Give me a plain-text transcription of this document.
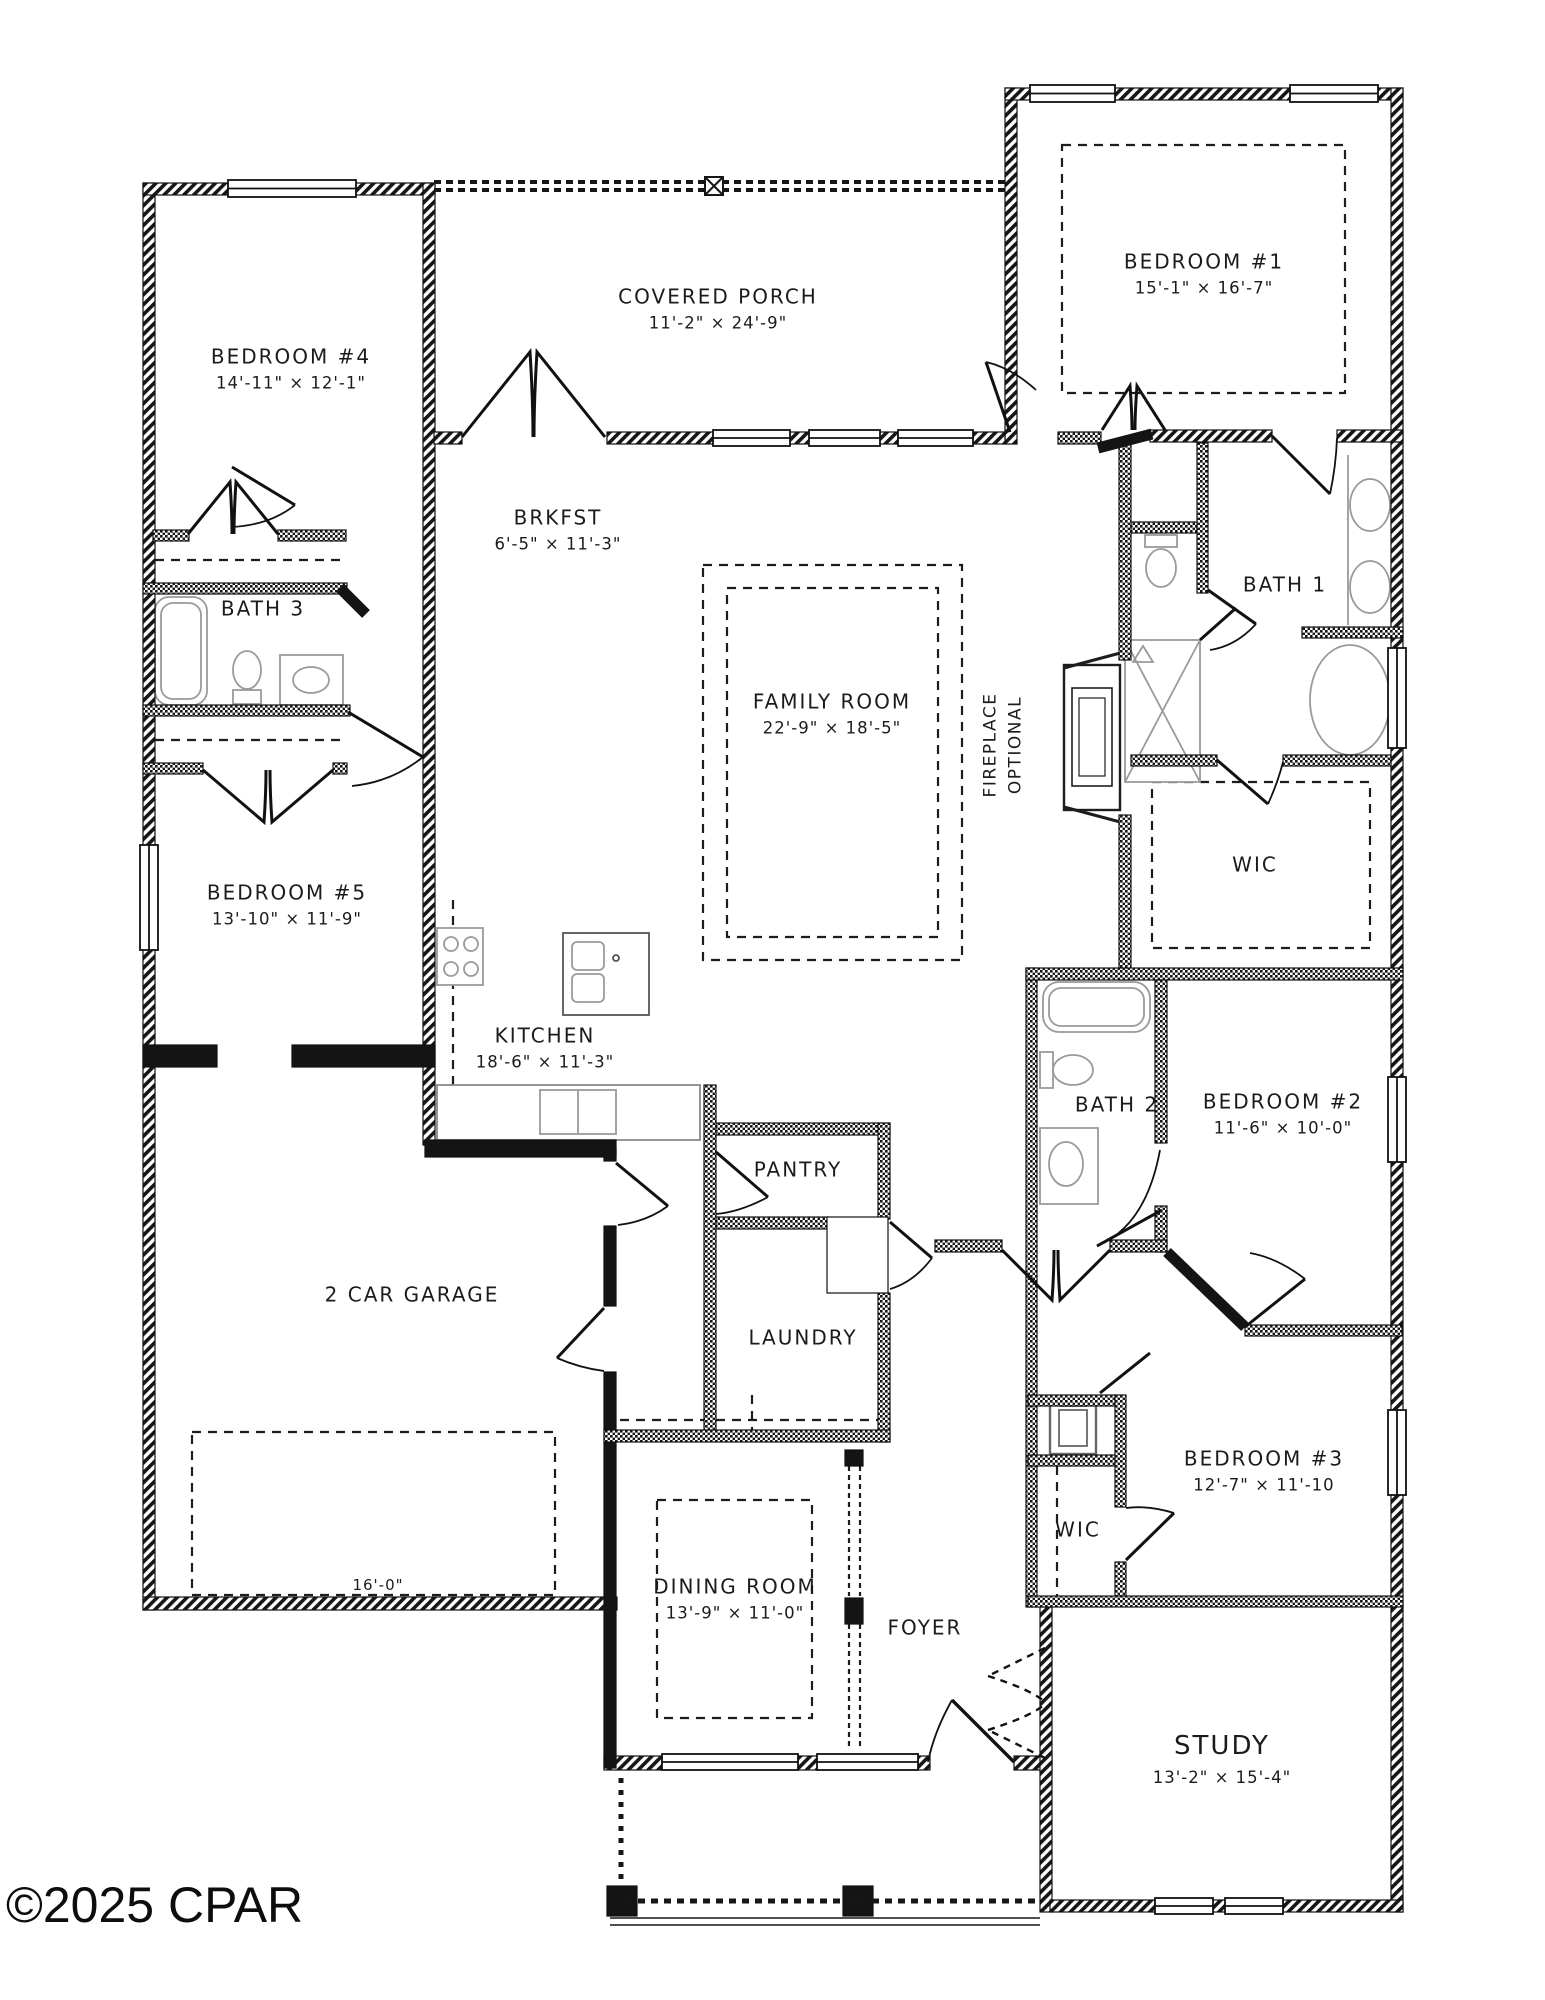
BEDROOM #4
14'-11" × 12'-1"
COVERED PORCH
11'-2" × 24'-9"
BEDROOM #1
15'-1" × 16'-7"
BRKFST
6'-5" × 11'-3"
BATH 3
FAMILY ROOM
22'-9" × 18'-5"
BATH 1
FIREPLACE OPTIONAL
WIC
BEDROOM #5
13'-10" × 11'-9"
KITCHEN
18'-6" × 11'-3"
BATH 2 BEDROOM #2
11'-6" × 10'-0"
2 CAR GARAGE
PANTRY
LAUNDRY
16'-0"	DINING ROOM
13'-9" × 11'-0"
FOYER
WIC
BEDROOM #3
12'-7" × 11'-10
STUDY
13'-2" × 15'-4"
©2025 CPAR
